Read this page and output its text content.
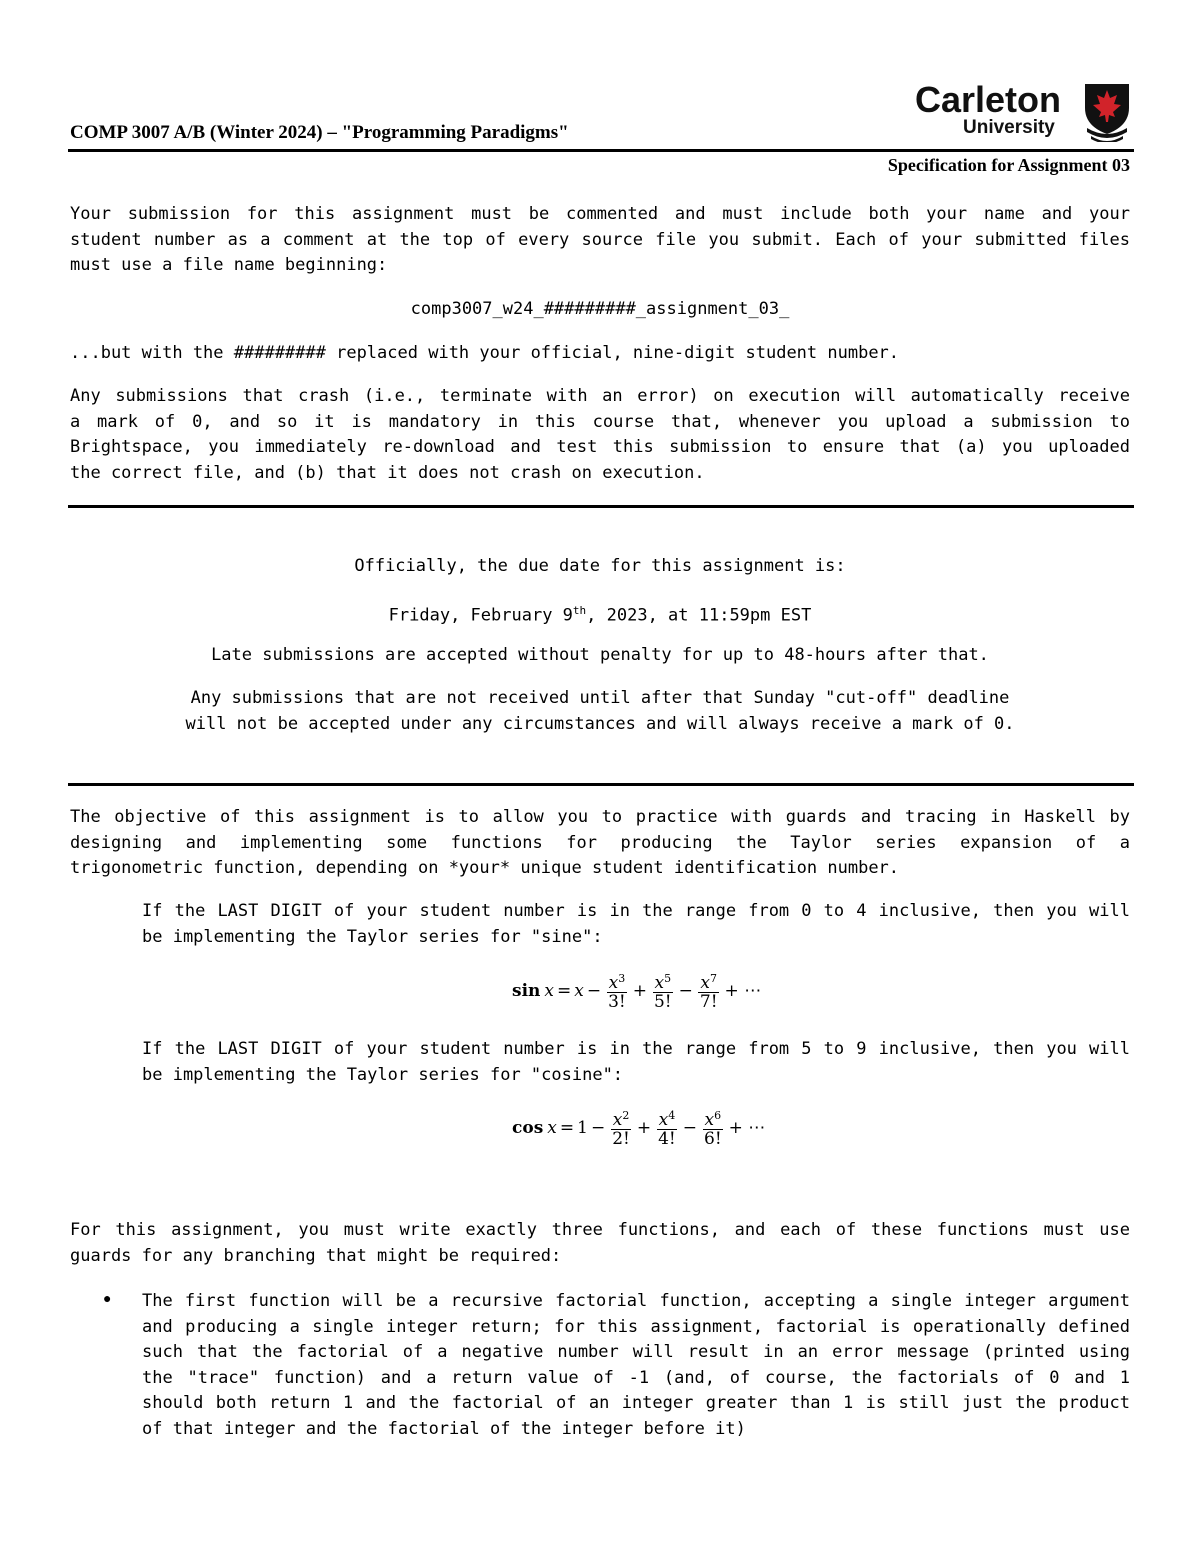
COMP 3007 A/B (Winter 2024) – "Programming Paradigms"
Carleton
University
Specification for Assignment 03
Your submission for this assignment must be commented and must include both your name and your
student number as a comment at the top of every source file you submit. Each of your submitted files
must use a file name beginning:
comp3007_w24_#########_assignment_03_
...but with the ######### replaced with your official, nine-digit student number.
Any submissions that crash (i.e., terminate with an error) on execution will automatically receive
a mark of 0, and so it is mandatory in this course that, whenever you upload a submission to
Brightspace, you immediately re-download and test this submission to ensure that (a) you uploaded
the correct file, and (b) that it does not crash on execution.
Officially, the due date for this assignment is:
Friday, February 9th, 2023, at 11:59pm EST
Late submissions are accepted without penalty for up to 48-hours after that.
Any submissions that are not received until after that Sunday "cut-off" deadline
will not be accepted under any circumstances and will always receive a mark of 0.
The objective of this assignment is to allow you to practice with guards and tracing in Haskell by
designing and implementing some functions for producing the Taylor series expansion of a
trigonometric function, depending on *your* unique student identification number.
If the LAST DIGIT of your student number is in the range from 0 to 4 inclusive, then you will
be implementing the Taylor series for "sine":
$\sin x = x - \frac{x^3}{3!} + \frac{x^5}{5!} - \frac{x^7}{7!}$ + ⋯
If the LAST DIGIT of your student number is in the range from 5 to 9 inclusive, then you will
be implementing the Taylor series for "cosine":
$\cos x = 1 - \frac{x^2}{2!} + \frac{x^4}{4!} - \frac{x^6}{6!}$ + ⋯
For this assignment, you must write exactly three functions, and each of these functions must use
guards for any branching that might be required:
● The first function will be a recursive factorial function, accepting a single integer argument
and producing a single integer return; for this assignment, factorial is operationally defined
such that the factorial of a negative number will result in an error message (printed using
the "trace" function) and a return value of -1 (and, of course, the factorials of 0 and 1
should both return 1 and the factorial of an integer greater than 1 is still just the product
of that integer and the factorial of the integer before it)
